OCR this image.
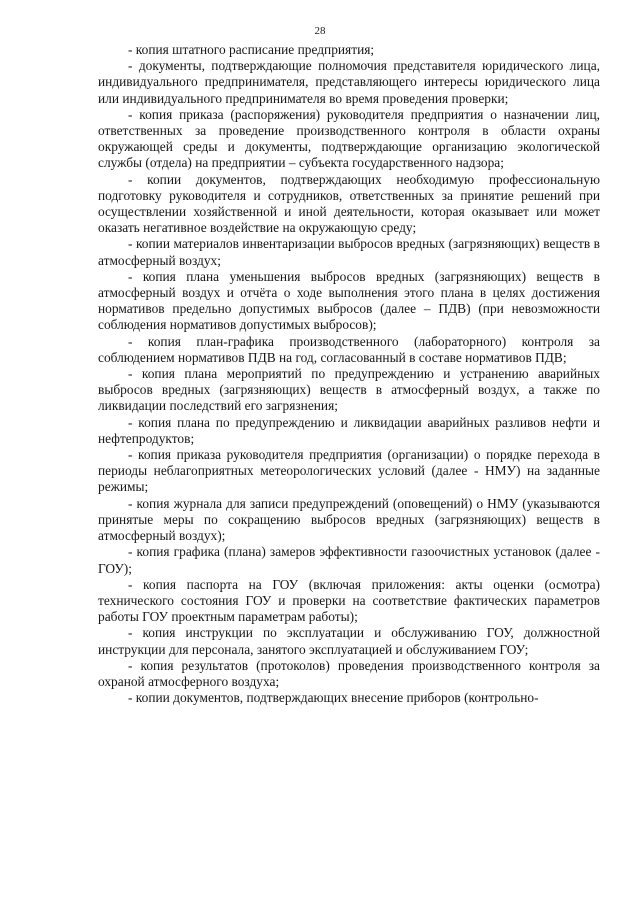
28

- копия штатного расписание предприятия;

- документы, подтверждающие полномочия представителя юридического лица, индивидуального предпринимателя, представляющего интересы юридического лица или индивидуального предпринимателя во время проведения проверки;

- копия приказа (распоряжения) руководителя предприятия о назначении лиц, ответственных за проведение производственного контроля в области охраны окружающей среды и документы, подтверждающие организацию экологической службы (отдела) на предприятии – субъекта государственного надзора;

- копии документов, подтверждающих необходимую профессиональную подготовку руководителя и сотрудников, ответственных за принятие решений при осуществлении хозяйственной и иной деятельности, которая оказывает или может оказать негативное воздействие на окружающую среду;

- копии материалов инвентаризации выбросов вредных (загрязняющих) веществ в атмосферный воздух;

- копия плана уменьшения выбросов вредных (загрязняющих) веществ в атмосферный воздух и отчёта о ходе выполнения этого плана в целях достижения нормативов предельно допустимых выбросов (далее – ПДВ) (при невозможности соблюдения нормативов допустимых выбросов);

- копия план-графика производственного (лабораторного) контроля за соблюдением нормативов ПДВ на год, согласованный в составе нормативов ПДВ;

- копия плана мероприятий по предупреждению и устранению аварийных выбросов вредных (загрязняющих) веществ в атмосферный воздух, а также по ликвидации последствий его загрязнения;

- копия плана по предупреждению и ликвидации аварийных разливов нефти и нефтепродуктов;

- копия приказа руководителя предприятия (организации) о порядке перехода в периоды неблагоприятных метеорологических условий (далее - НМУ) на заданные режимы;

- копия журнала для записи предупреждений (оповещений) о НМУ (указываются принятые меры по сокращению выбросов вредных (загрязняющих) веществ в атмосферный воздух);

- копия графика (плана) замеров эффективности газоочистных установок (далее - ГОУ);

- копия паспорта на ГОУ (включая приложения: акты оценки (осмотра) технического состояния ГОУ и проверки на соответствие фактических параметров работы ГОУ проектным параметрам работы);

- копия инструкции по эксплуатации и обслуживанию ГОУ, должностной инструкции для персонала, занятого эксплуатацией и обслуживанием ГОУ;

- копия результатов (протоколов) проведения производственного контроля за охраной атмосферного воздуха;

- копии документов, подтверждающих внесение приборов (контрольно-
